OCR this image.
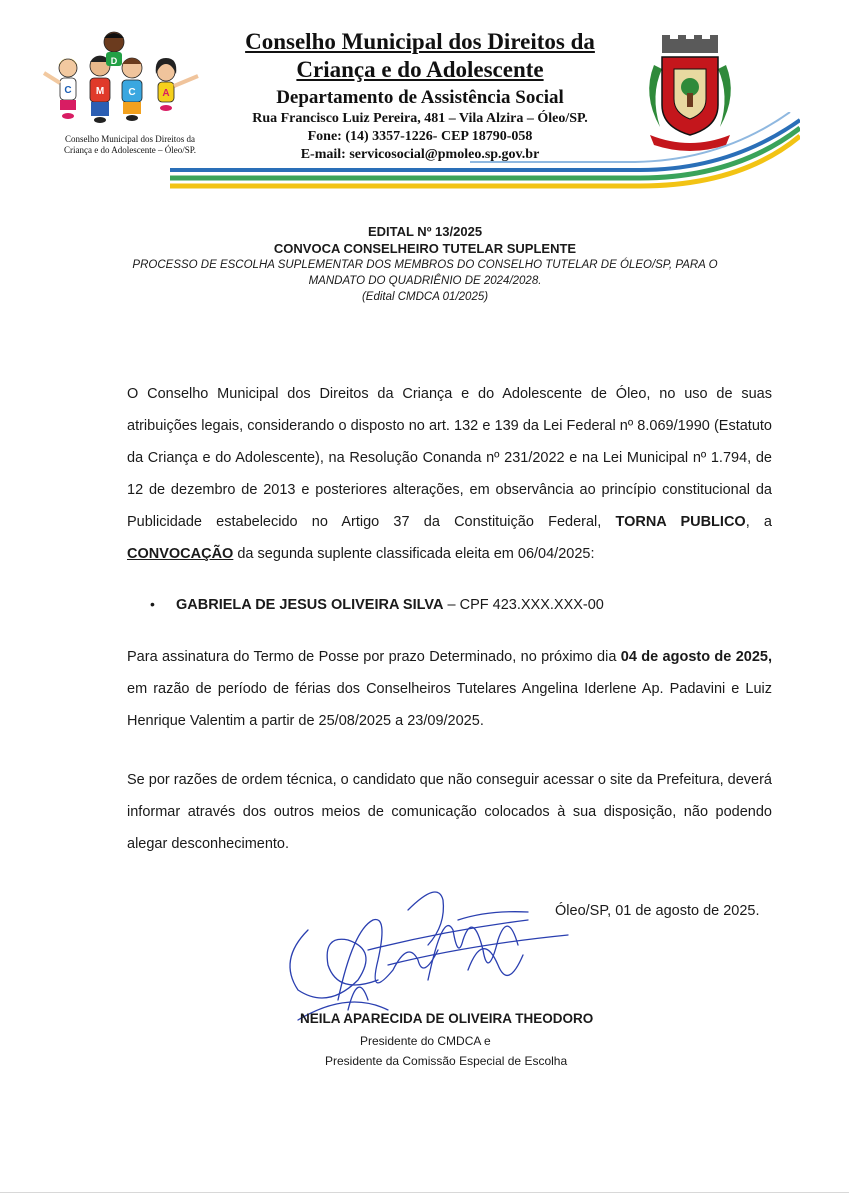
C M C
D
A
Conselho Municipal dos Direitos da
Criança e do Adolescente – Óleo/SP.
Conselho Municipal dos Direitos da
Criança e do Adolescente
Departamento de Assistência Social
Rua Francisco Luiz Pereira, 481 – Vila Alzira – Óleo/SP.
Fone: (14) 3357-1226- CEP 18790-058
E-mail: servicosocial@pmoleo.sp.gov.br
EDITAL Nº 13/2025
CONVOCA CONSELHEIRO TUTELAR SUPLENTE
PROCESSO DE ESCOLHA SUPLEMENTAR DOS MEMBROS DO CONSELHO TUTELAR DE ÓLEO/SP, PARA O
MANDATO DO QUADRIÊNIO DE 2024/2028.
(Edital CMDCA 01/2025)

O Conselho Municipal dos Direitos da Criança e do Adolescente de Óleo, no uso de suas atribuições legais, considerando o disposto no art. 132 e 139 da Lei Federal nº 8.069/1990 (Estatuto da Criança e do Adolescente), na Resolução Conanda nº 231/2022 e na Lei Municipal nº 1.794, de 12 de dezembro de 2013 e posteriores alterações, em observância ao princípio constitucional da Publicidade estabelecido no Artigo 37 da Constituição Federal, TORNA PUBLICO, a CONVOCAÇÃO da segunda suplente classificada eleita em 06/04/2025:

• GABRIELA DE JESUS OLIVEIRA SILVA – CPF 423.XXX.XXX-00

Para assinatura do Termo de Posse por prazo Determinado, no próximo dia 04 de agosto de 2025, em razão de período de férias dos Conselheiros Tutelares Angelina Iderlene Ap. Padavini e Luiz Henrique Valentim a partir de 25/08/2025 a 23/09/2025.

Se por razões de ordem técnica, o candidato que não conseguir acessar o site da Prefeitura, deverá informar através dos outros meios de comunicação colocados à sua disposição, não podendo alegar desconhecimento.

Óleo/SP, 01 de agosto de 2025.
NEILA APARECIDA DE OLIVEIRA THEODORO
Presidente do CMDCA e
Presidente da Comissão Especial de Escolha
